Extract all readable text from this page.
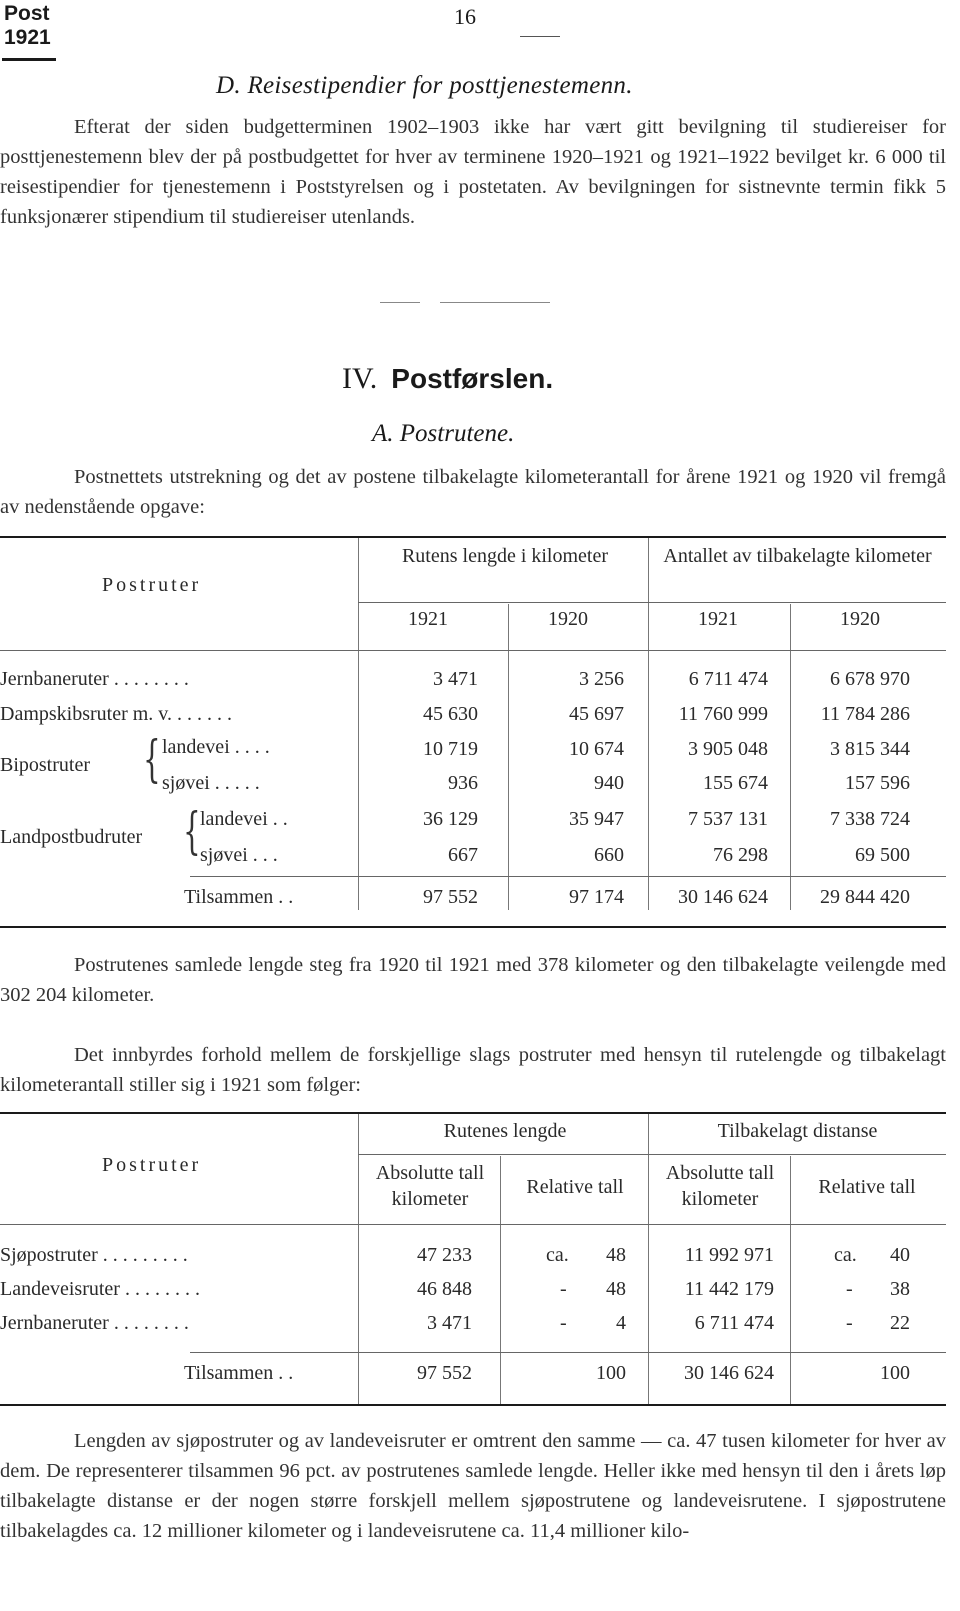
Post
1921
16
D. Reisestipendier for posttjenestemenn.
Efterat der siden budgetterminen 1902–1903 ikke har vært gitt bevilgning til studiereiser for posttjenestemenn blev der på postbudgettet for hver av terminene 1920–1921 og 1921–1922 bevilget kr. 6 000 til reisestipendier for tjenestemenn i Poststyrelsen og i postetaten. Av bevilgningen for sistnevnte termin fikk 5 funksjonærer stipendium til studiereiser utenlands.
IV. Postførslen.
A. Postrutene.
Postnettets utstrekning og det av postene tilbakelagte kilometerantall for årene 1921 og 1920 vil fremgå av nedenstående opgave:
Postruter
Rutens lengde i kilometer	Antallet av tilbakelagte kilometer
1921	1920	1921	1920
Jernbaneruter . . . . . . . .	3 471	3 256	6 711 474	6 678 970
Dampskibsruter m. v. . . . . . .	45 630	45 697	11 760 999	11 784 286
Bipostruter { landevei . . . .	10 719	10 674	3 905 048	3 815 344
sjøvei . . . . .	936	940	155 674	157 596
Landpostbudruter { landevei . .	36 129	35 947	7 537 131	7 338 724
sjøvei . . .	667	660	76 298	69 500
Tilsammen . .	97 552	97 174	30 146 624	29 844 420
Postrutenes samlede lengde steg fra 1920 til 1921 med 378 kilometer og den tilbakelagte veilengde med 302 204 kilometer.
Det innbyrdes forhold mellem de forskjellige slags postruter med hensyn til rutelengde og tilbakelagt kilometerantall stiller sig i 1921 som følger:
Postruter
Rutenes lengde	Tilbakelagt distanse
Absolutte tall kilometer
Relative tall
Absolutte tall kilometer
Relative tall
Sjøpostruter . . . . . . . . .	47 233	ca.	48	11 992 971	ca.	40
Landeveisruter . . . . . . . .	46 848	-	48	11 442 179	-	38
Jernbaneruter . . . . . . . .	3 471	-	4	6 711 474	-	22
Tilsammen . .	97 552	100	30 146 624	100
Lengden av sjøpostruter og av landeveisruter er omtrent den samme — ca. 47 tusen kilometer for hver av dem. De representerer tilsammen 96 pct. av postrutenes samlede lengde. Heller ikke med hensyn til den i årets løp tilbakelagte distanse er der nogen større forskjell mellem sjøpostrutene og landeveisrutene. I sjøpostrutene tilbakelagdes ca. 12 millioner kilometer og i landeveisrutene ca. 11,4 millioner kilo-
